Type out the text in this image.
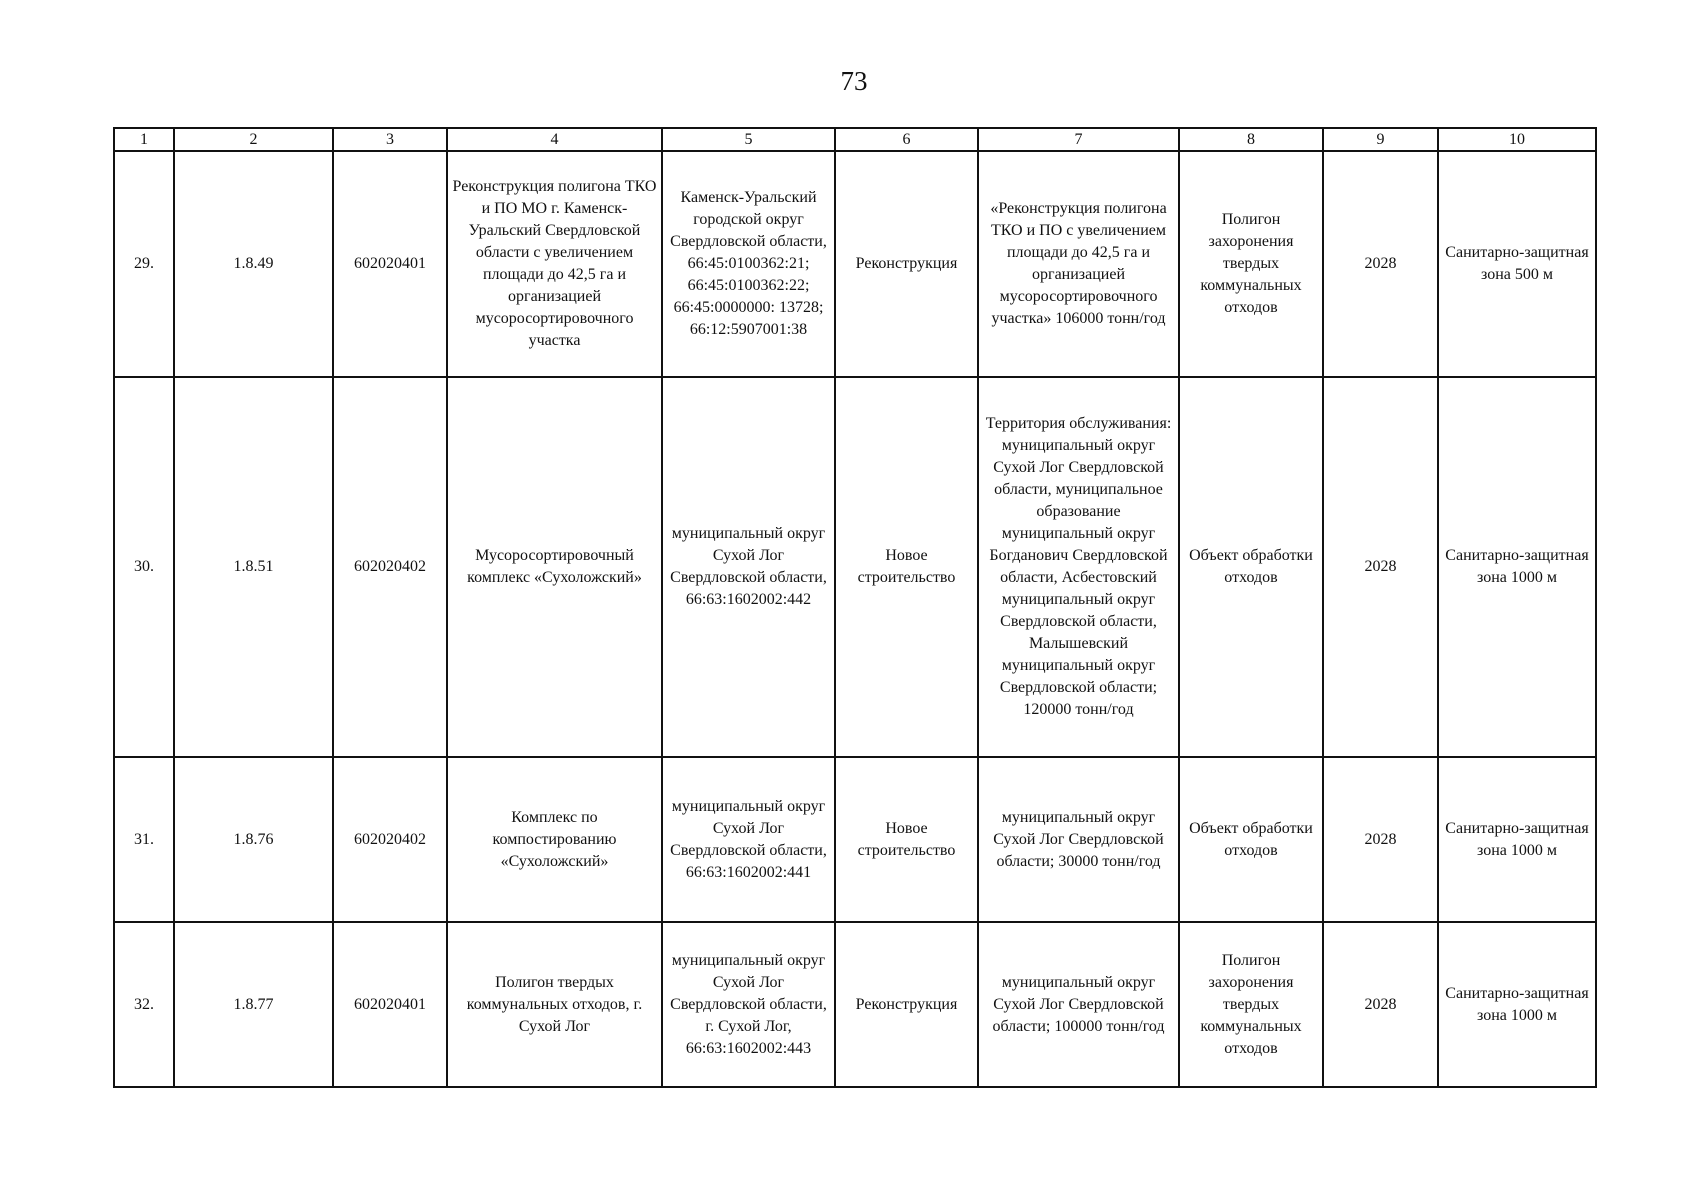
73
1	2	3	4	5	6	7	8	9	10
29.	1.8.49	602020401	Реконструкция полигона ТКО и ПО МО г. Каменск-Уральский Свердловской области с увеличением площади до 42,5 га и организацией мусоросортировочного участка	Каменск-Уральский городской округ Свердловской области, 66:45:0100362:21; 66:45:0100362:22; 66:45:0000000: 13728; 66:12:5907001:38	Реконструкция	«Реконструкция полигона ТКО и ПО с увеличением площади до 42,5 га и организацией мусоросортировочного участка» 106000 тонн/год	Полигон захоронения твердых коммунальных отходов	2028	Санитарно-защитная зона 500 м
30.	1.8.51	602020402	Мусоросортировочный комплекс «Сухоложский»	муниципальный округ Сухой Лог Свердловской области, 66:63:1602002:442	Новое строительство	Территория обслуживания: муниципальный округ Сухой Лог Свердловской области, муниципальное образование муниципальный округ Богданович Свердловской области, Асбестовский муниципальный округ Свердловской области, Малышевский муниципальный округ Свердловской области; 120000 тонн/год	Объект обработки отходов	2028	Санитарно-защитная зона 1000 м
31.	1.8.76	602020402	Комплекс по компостированию «Сухоложский»	муниципальный округ Сухой Лог Свердловской области, 66:63:1602002:441	Новое строительство	муниципальный округ Сухой Лог Свердловской области; 30000 тонн/год	Объект обработки отходов	2028	Санитарно-защитная зона 1000 м
32.	1.8.77	602020401	Полигон твердых коммунальных отходов, г. Сухой Лог	муниципальный округ Сухой Лог Свердловской области, г. Сухой Лог, 66:63:1602002:443	Реконструкция	муниципальный округ Сухой Лог Свердловской области; 100000 тонн/год	Полигон захоронения твердых коммунальных отходов	2028	Санитарно-защитная зона 1000 м
